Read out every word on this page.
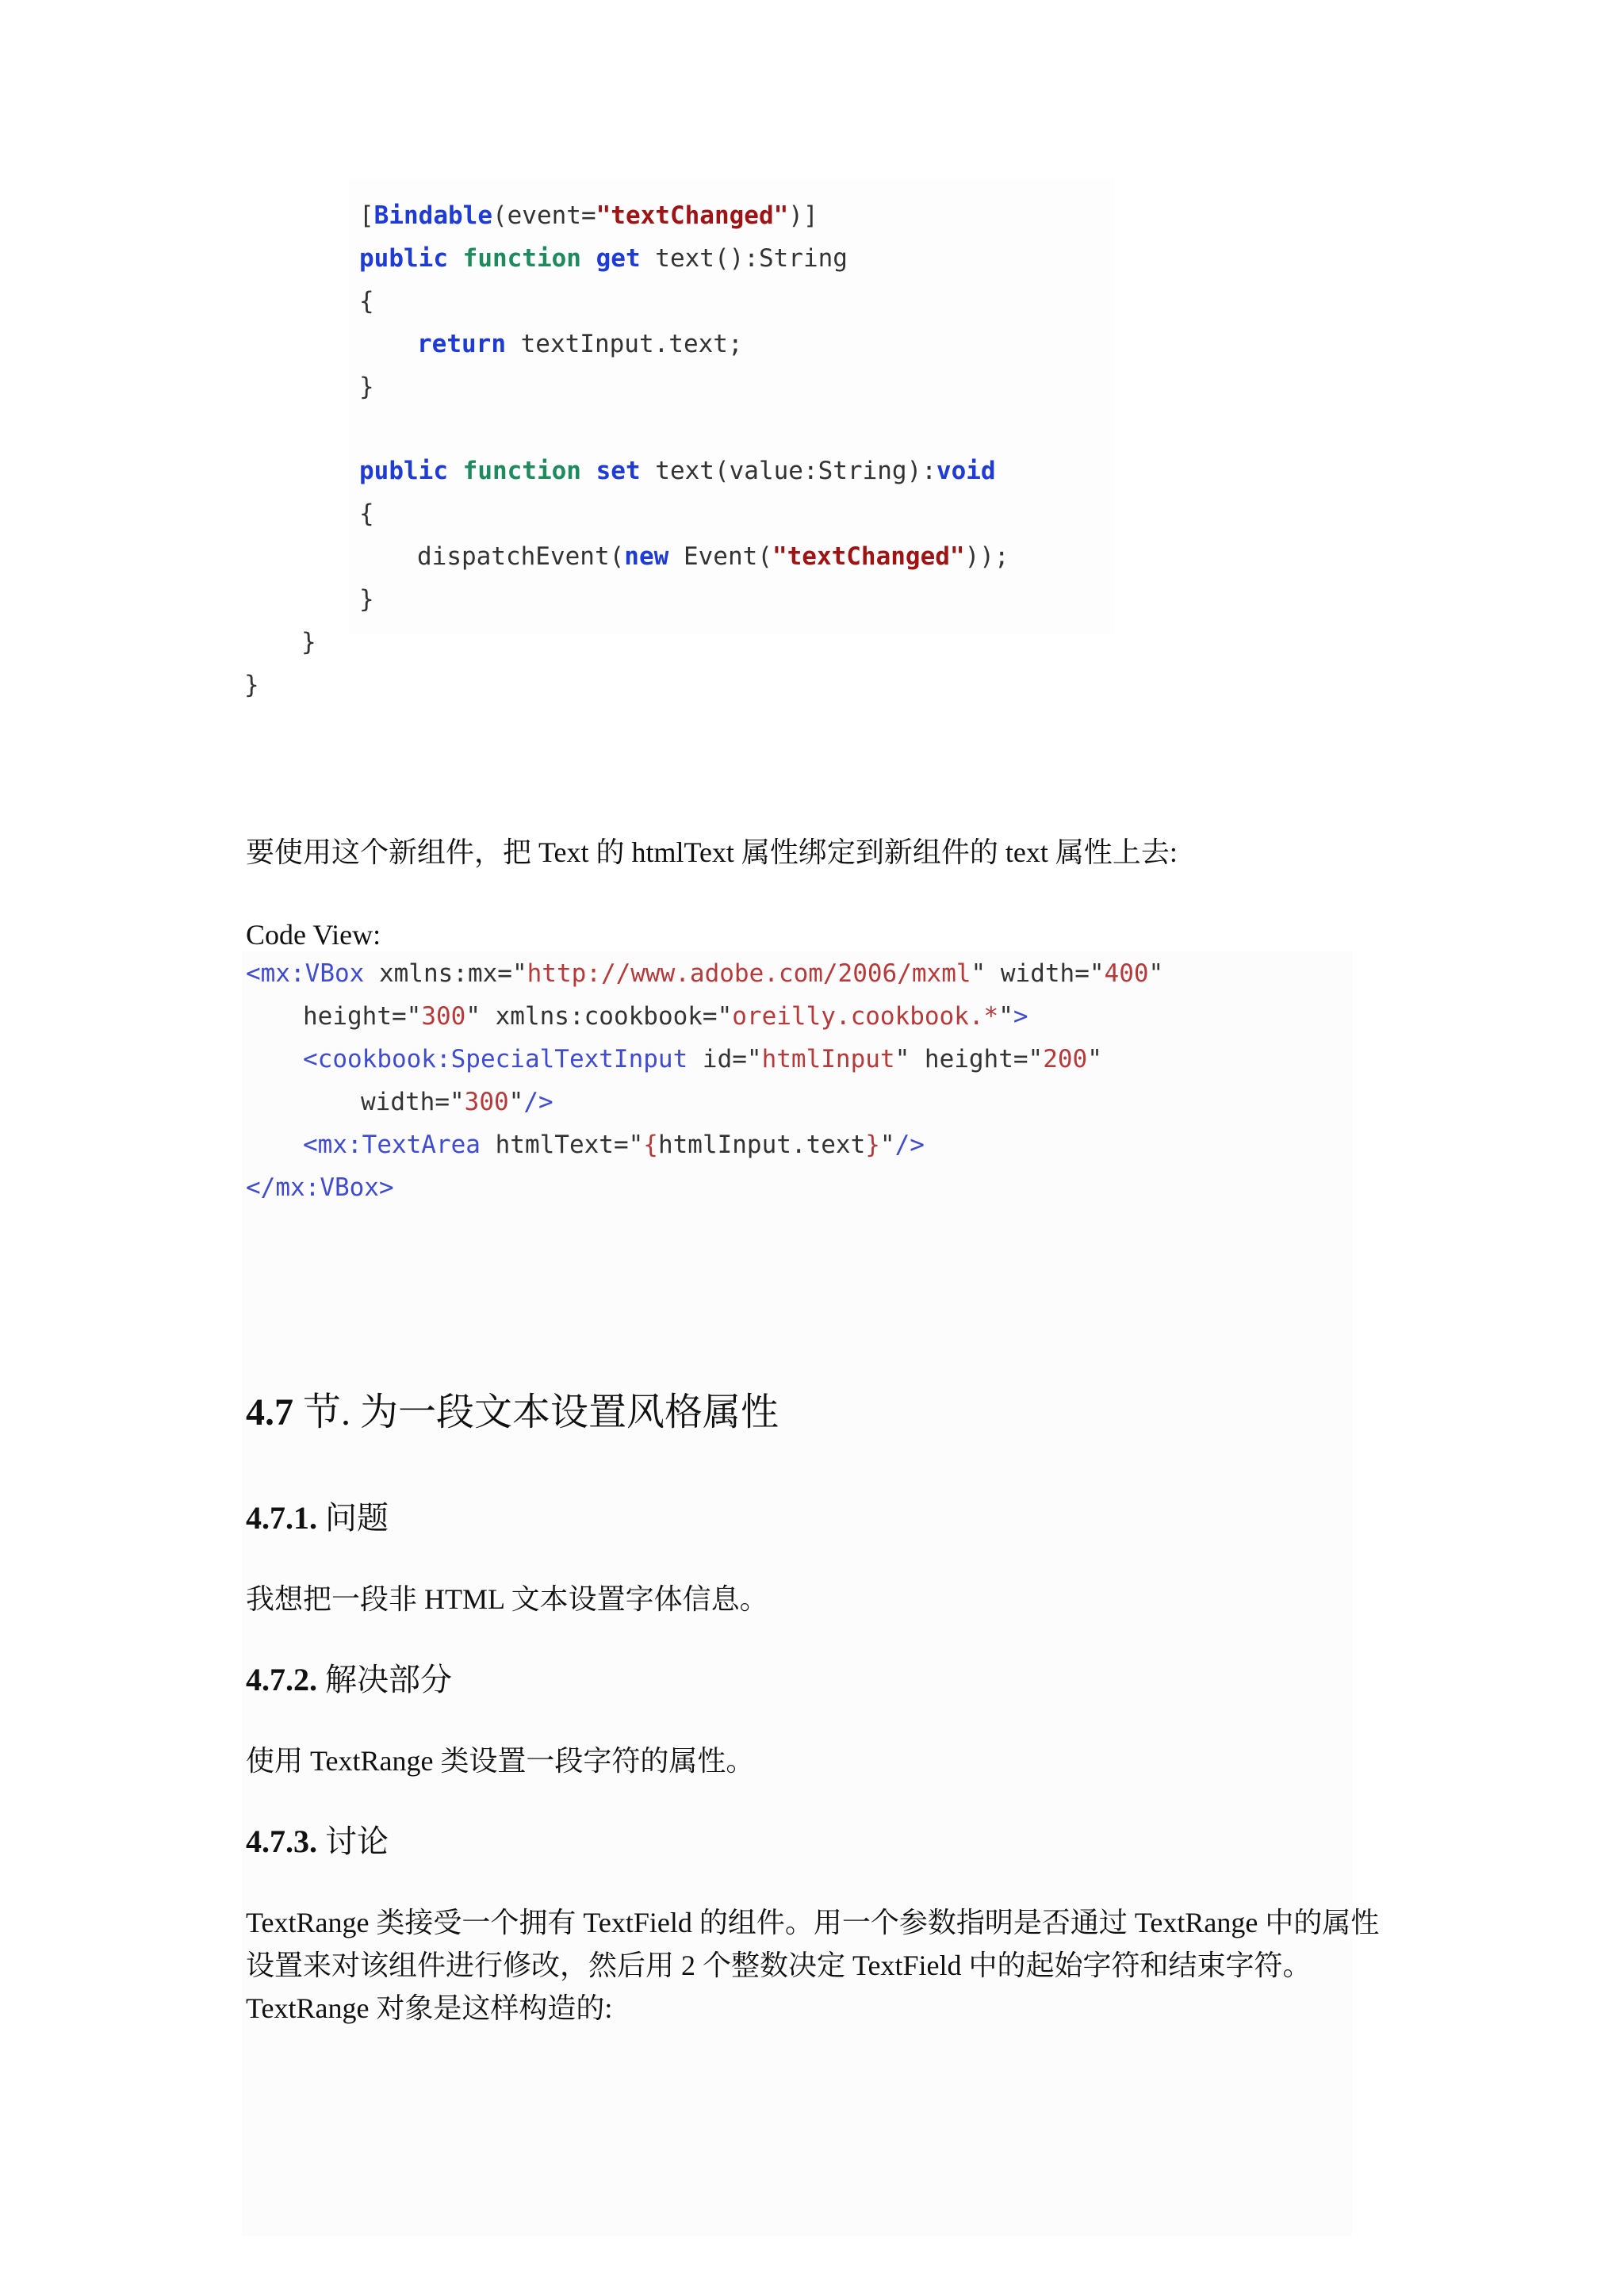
[Bindable(event="textChanged")]
public function get text():String
{
return textInput.text;
}
public function set text(value:String):void
{
dispatchEvent(new Event("textChanged"));
}
}
}
要使用这个新组件，把 Text 的 htmlText 属性绑定到新组件的 text 属性上去:
Code View:
<mx:VBox xmlns:mx="http://www.adobe.com/2006/mxml" width="400"
height="300" xmlns:cookbook="oreilly.cookbook.*">
<cookbook:SpecialTextInput id="htmlInput" height="200"
width="300"/>
<mx:TextArea htmlText="{htmlInput.text}"/>
</mx:VBox>
4.7 节. 为一段文本设置风格属性
4.7.1. 问题
我想把一段非 HTML 文本设置字体信息。
4.7.2. 解决部分
使用 TextRange 类设置一段字符的属性。
4.7.3. 讨论
TextRange 类接受一个拥有 TextField 的组件。用一个参数指明是否通过 TextRange 中的属性
设置来对该组件进行修改，然后用 2 个整数决定 TextField 中的起始字符和结束字符。
TextRange 对象是这样构造的:
